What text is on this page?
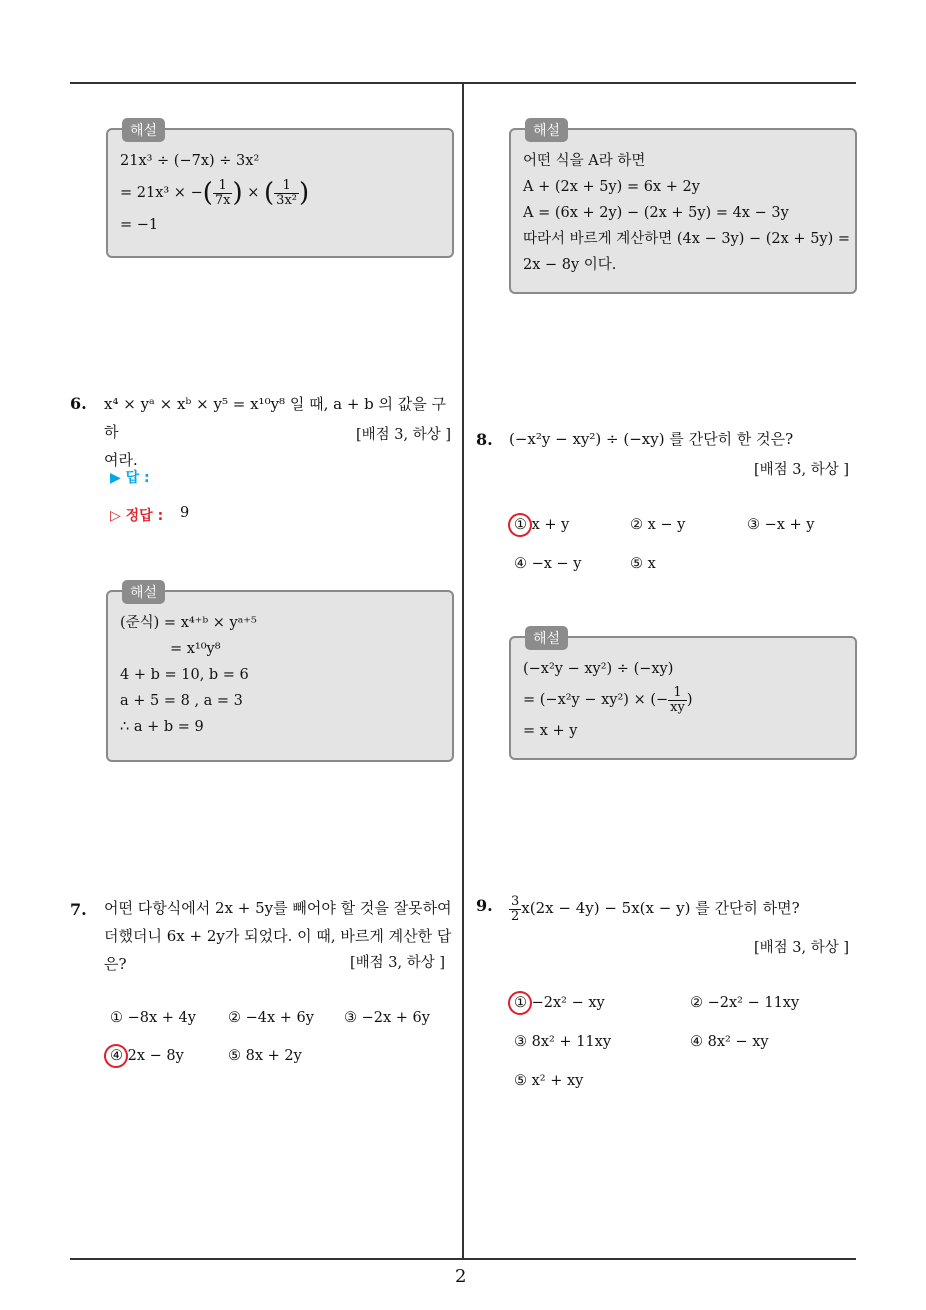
2
해설
21x³ ÷ (−7x) ÷ 3x²
= 21x³ × −( $\frac{1}{7x}$ ) × ( $\frac{1}{\text{3x²}}$ )
= −1
해설
어떤 식을 A라 하면
A + (2x + 5y) = 6x + 2y
A = (6x + 2y) − (2x + 5y) = 4x − 3y
따라서 바르게 계산하면 (4x − 3y) − (2x + 5y) =
2x − 8y 이다.
6. x⁴ × yᵃ × xᵇ × y⁵ = x¹⁰y⁸ 일 때, a + b 의 값을 구하
여라.
[배점 3, 하상 ]
▶ 답 :
▷ 정답 : 9
해설
(준식) = x⁴⁺ᵇ × yᵃ⁺⁵
= x¹⁰y⁸
4 + b = 10, b = 6
a + 5 = 8 , a = 3
∴ a + b = 9
7. 어떤 다항식에서 2x + 5y를 빼어야 할 것을 잘못하여
더했더니 6x + 2y가 되었다. 이 때, 바르게 계산한 답
은?	[배점 3, 하상 ]
① −8x + 4y ② −4x + 6y ③ −2x + 6y
④ 2x − 8y	⑤ 8x + 2y
8. (−x²y − xy²) ÷ (−xy) 를 간단히 한 것은?
[배점 3, 하상 ]
① x + y	② x − y	③ −x + y
④ −x − y	⑤ x
해설
(−x²y − xy²) ÷ (−xy)
= (−x²y − xy²) × (− $\frac{1}{xy}$ )
= x + y
9. $\frac{3}{2} x(2x - 4y) - 5x(x - y)$ 를 간단히 하면?
[배점 3, 하상 ]
① −2x² − xy	② −2x² − 11xy
③ 8x² + 11xy	④ 8x² − xy
⑤ x² + xy
